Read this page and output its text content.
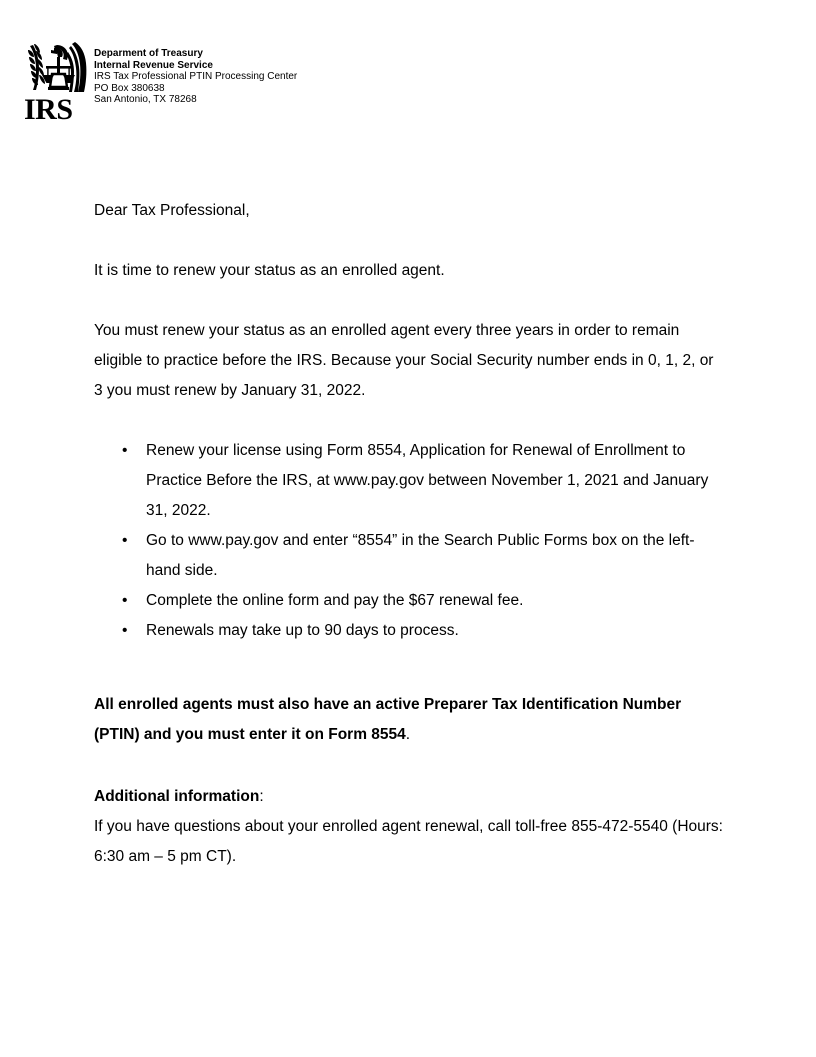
IRS
Deparment of Treasury
Internal Revenue Service
IRS Tax Professional PTIN Processing Center
PO Box 380638
San Antonio, TX 78268

Dear Tax Professional,

It is time to renew your status as an enrolled agent.

You must renew your status as an enrolled agent every three years in order to remain eligible to practice before the IRS. Because your Social Security number ends in 0, 1, 2, or 3 you must renew by January 31, 2022.

• Renew your license using Form 8554, Application for Renewal of Enrollment to Practice Before the IRS, at www.pay.gov between November 1, 2021 and January 31, 2022.
• Go to www.pay.gov and enter “8554” in the Search Public Forms box on the left-hand side.
• Complete the online form and pay the $67 renewal fee.
• Renewals may take up to 90 days to process.

All enrolled agents must also have an active Preparer Tax Identification Number (PTIN) and you must enter it on Form 8554.

Additional information:

If you have questions about your enrolled agent renewal, call toll-free 855-472-5540 (Hours: 6:30 am – 5 pm CT).
